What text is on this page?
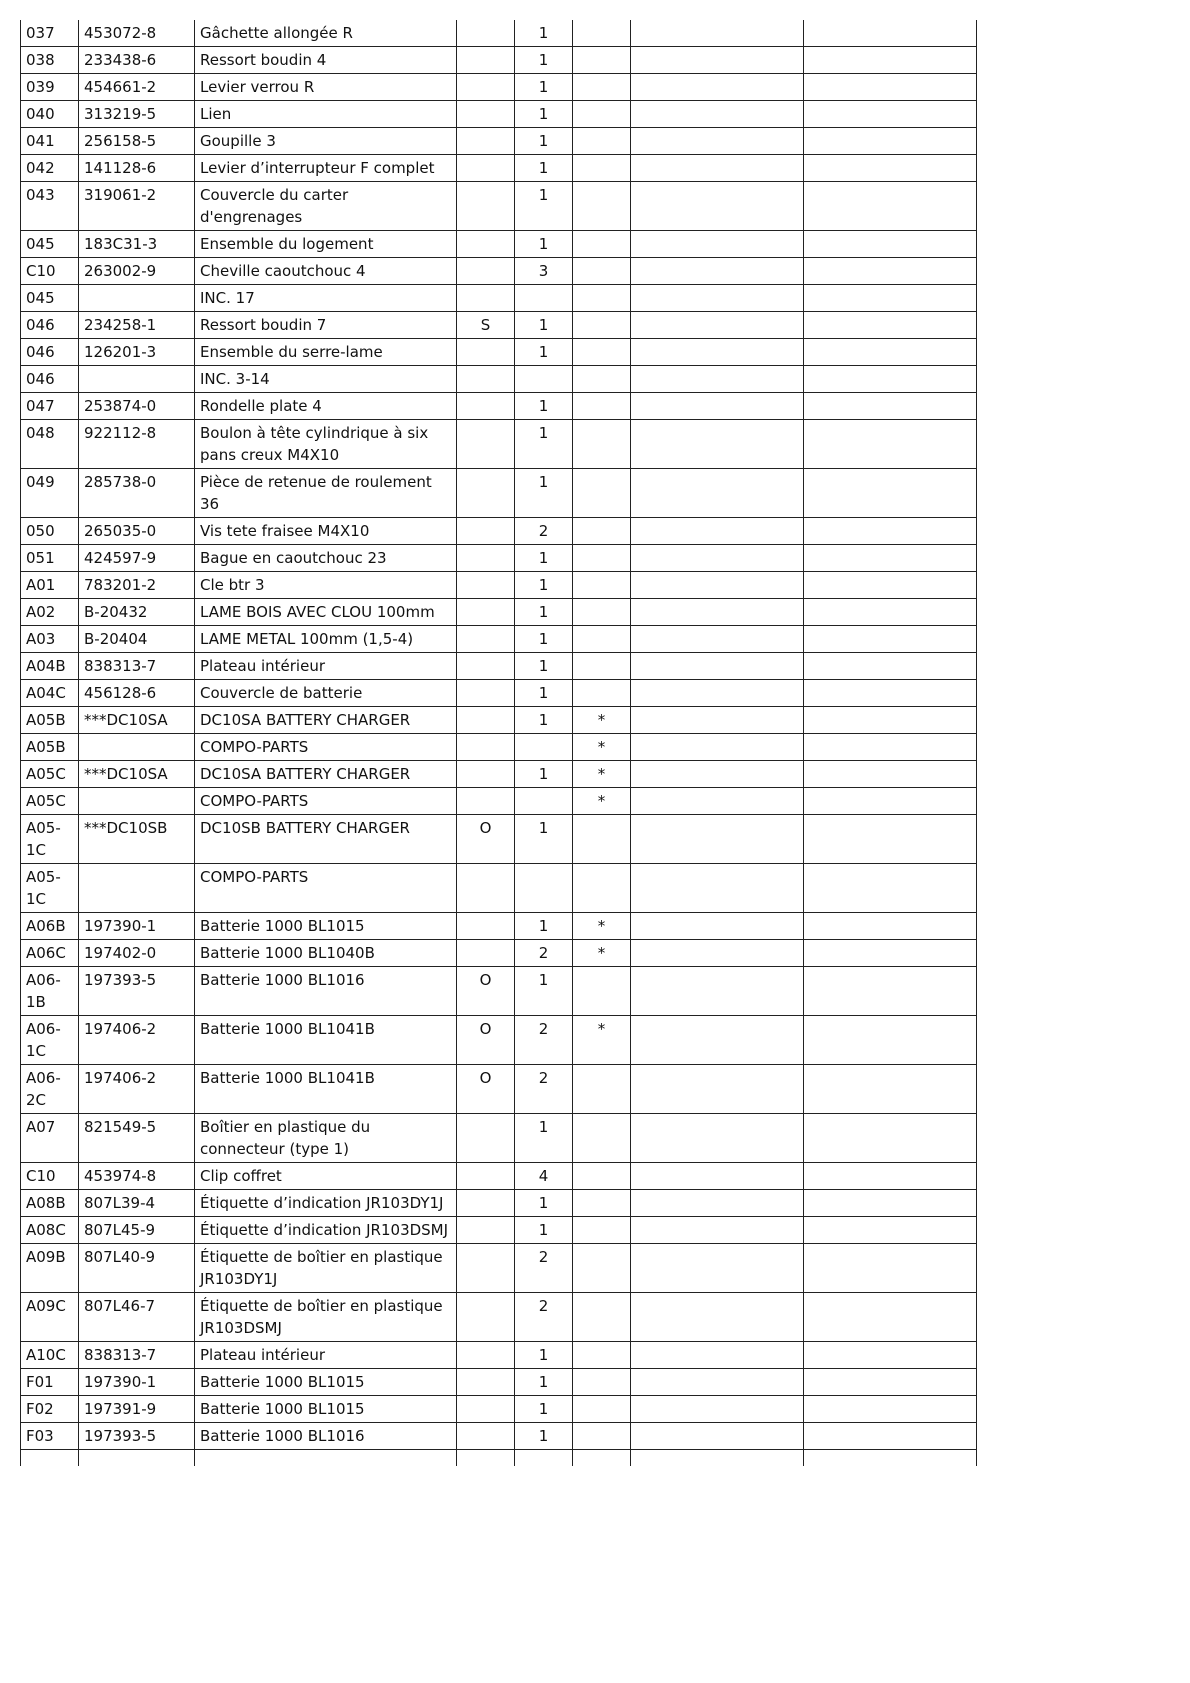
037	453072-8	Gâchette allongée R		1			
038	233438-6	Ressort boudin 4		1			
039	454661-2	Levier verrou R		1			
040	313219-5	Lien		1			
041	256158-5	Goupille 3		1			
042	141128-6	Levier d’interrupteur F complet		1			
043	319061-2	Couvercle du carter d'engrenages		1			
045	183C31-3	Ensemble du logement		1			
C10	263002-9	Cheville caoutchouc 4		3			
045		INC. 17					
046	234258-1	Ressort boudin 7	S	1			
046	126201-3	Ensemble du serre-lame		1			
046		INC. 3-14					
047	253874-0	Rondelle plate 4		1			
048	922112-8	Boulon à tête cylindrique à six pans creux M4X10		1			
049	285738-0	Pièce de retenue de roulement 36		1			
050	265035-0	Vis tete fraisee M4X10		2			
051	424597-9	Bague en caoutchouc 23		1			
A01	783201-2	Cle btr 3		1			
A02	B-20432	LAME BOIS AVEC CLOU 100mm		1			
A03	B-20404	LAME METAL 100mm (1,5-4)		1			
A04B	838313-7	Plateau intérieur		1			
A04C	456128-6	Couvercle de batterie		1			
A05B	***DC10SA	DC10SA BATTERY CHARGER		1	*		
A05B		COMPO-PARTS			*		
A05C	***DC10SA	DC10SA BATTERY CHARGER		1	*		
A05C		COMPO-PARTS			*		
A05-1C	***DC10SB	DC10SB BATTERY CHARGER	O	1			
A05-1C		COMPO-PARTS					
A06B	197390-1	Batterie 1000 BL1015		1	*		
A06C	197402-0	Batterie 1000 BL1040B		2	*		
A06-1B	197393-5	Batterie 1000 BL1016	O	1			
A06-1C	197406-2	Batterie 1000 BL1041B	O	2	*		
A06-2C	197406-2	Batterie 1000 BL1041B	O	2			
A07	821549-5	Boîtier en plastique du connecteur (type 1)		1			
C10	453974-8	Clip coffret		4			
A08B	807L39-4	Étiquette d’indication JR103DY1J		1			
A08C	807L45-9	Étiquette d’indication JR103DSMJ		1			
A09B	807L40-9	Étiquette de boîtier en plastique JR103DY1J		2			
A09C	807L46-7	Étiquette de boîtier en plastique JR103DSMJ		2			
A10C	838313-7	Plateau intérieur		1			
F01	197390-1	Batterie 1000 BL1015		1			
F02	197391-9	Batterie 1000 BL1015		1			
F03	197393-5	Batterie 1000 BL1016		1			
